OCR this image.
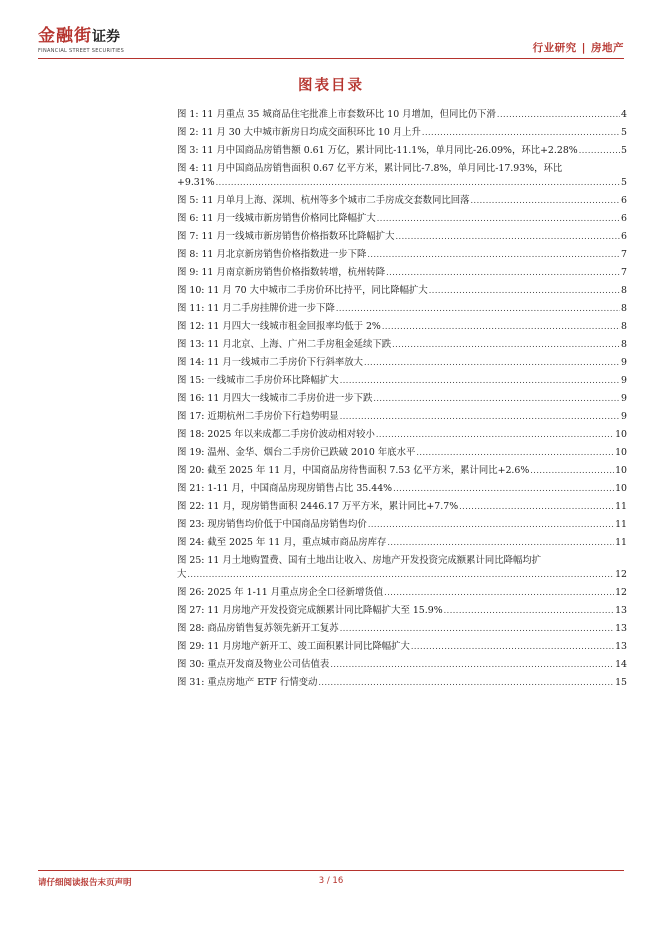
金融街证券
FINANCIAL STREET SECURITIES	行业研究 | 房地产
图表目录
图 1: 11 月重点 35 城商品住宅批准上市套数环比 10 月增加，但同比仍下滑 .....	4
图 2: 11 月 30 大中城市新房日均成交面积环比 10 月上升 .....	5
图 3: 11 月中国商品房销售额 0.61 万亿，累计同比-11.1%，单月同比-26.09%，环比+2.28% .....	5
图 4: 11 月中国商品房销售面积 0.67 亿平方米，累计同比-7.8%，单月同比-17.93%，环比
+9.31% .....	5
图 5: 11 月单月上海、深圳、杭州等多个城市二手房成交套数同比回落 .....	6
图 6: 11 月一线城市新房销售价格同比降幅扩大 .....	6
图 7: 11 月一线城市新房销售价格指数环比降幅扩大 .....	6
图 8: 11 月北京新房销售价格指数进一步下降 .....	7
图 9: 11 月南京新房销售价格指数转增，杭州转降 .....	7
图 10: 11 月 70 大中城市二手房价环比持平，同比降幅扩大 .....	8
图 11: 11 月二手房挂牌价进一步下降 .....	8
图 12: 11 月四大一线城市租金回报率均低于 2% .....	8
图 13: 11 月北京、上海、广州二手房租金延续下跌 .....	8
图 14: 11 月一线城市二手房价下行斜率放大 .....	9
图 15: 一线城市二手房价环比降幅扩大 .....	9
图 16: 11 月四大一线城市二手房价进一步下跌 .....	9
图 17: 近期杭州二手房价下行趋势明显 .....	9
图 18: 2025 年以来成都二手房价波动相对较小 .....	10
图 19: 温州、金华、烟台二手房价已跌破 2010 年底水平 .....	10
图 20: 截至 2025 年 11 月，中国商品房待售面积 7.53 亿平方米，累计同比+2.6% .....	10
图 21: 1-11 月，中国商品房现房销售占比 35.44% .....	10
图 22: 11 月，现房销售面积 2446.17 万平方米，累计同比+7.7% .....	11
图 23: 现房销售均价低于中国商品房销售均价 .....	11
图 24: 截至 2025 年 11 月，重点城市商品房库存 .....	11
图 25: 11 月土地购置费、国有土地出让收入、房地产开发投资完成额累计同比降幅均扩
大 .....	12
图 26: 2025 年 1-11 月重点房企全口径新增货值 .....	12
图 27: 11 月房地产开发投资完成额累计同比降幅扩大至 15.9% .....	13
图 28: 商品房销售复苏领先新开工复苏 .....	13
图 29: 11 月房地产新开工、竣工面积累计同比降幅扩大 .....	13
图 30: 重点开发商及物业公司估值表 .....	14
图 31: 重点房地产 ETF 行情变动 .....	15
请仔细阅读报告末页声明	3 / 16
